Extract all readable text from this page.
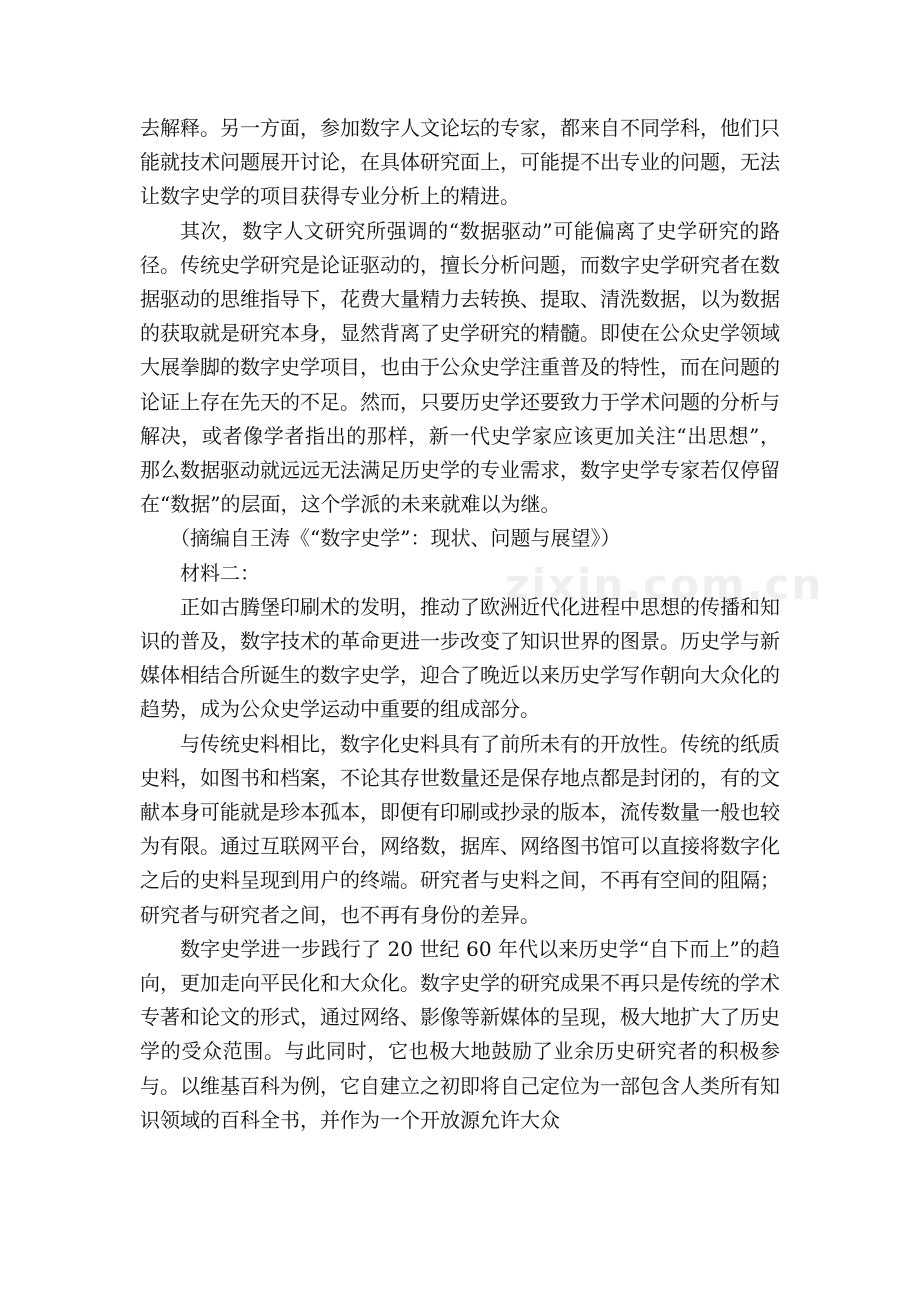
去解释。另一方面，参加数字人文论坛的专家，都来自不同学科，他们只能就技术问题展开讨论，在具体研究面上，可能提不出专业的问题，无法让数字史学的项目获得专业分析上的精进。

其次，数字人文研究所强调的“数据驱动”可能偏离了史学研究的路径。传统史学研究是论证驱动的，擅长分析问题，而数字史学研究者在数据驱动的思维指导下，花费大量精力去转换、提取、清洗数据，以为数据的获取就是研究本身，显然背离了史学研究的精髓。即使在公众史学领域大展拳脚的数字史学项目，也由于公众史学注重普及的特性，而在问题的论证上存在先天的不足。然而，只要历史学还要致力于学术问题的分析与解决，或者像学者指出的那样，新一代史学家应该更加关注“出思想”，那么数据驱动就远远无法满足历史学的专业需求，数字史学专家若仅停留在“数据”的层面，这个学派的未来就难以为继。

（摘编自王涛《“数字史学”：现状、问题与展望》）

材料二：

正如古腾堡印刷术的发明，推动了欧洲近代化进程中思想的传播和知识的普及，数字技术的革命更进一步改变了知识世界的图景。历史学与新媒体相结合所诞生的数字史学，迎合了晚近以来历史学写作朝向大众化的趋势，成为公众史学运动中重要的组成部分。

与传统史料相比，数字化史料具有了前所未有的开放性。传统的纸质史料，如图书和档案，不论其存世数量还是保存地点都是封闭的，有的文献本身可能就是珍本孤本，即便有印刷或抄录的版本，流传数量一般也较为有限。通过互联网平台，网络数，据库、网络图书馆可以直接将数字化之后的史料呈现到用户的终端。研究者与史料之间，不再有空间的阻隔；研究者与研究者之间，也不再有身份的差异。

数字史学进一步践行了 20 世纪 60 年代以来历史学“自下而上”的趋向，更加走向平民化和大众化。数字史学的研究成果不再只是传统的学术专著和论文的形式，通过网络、影像等新媒体的呈现，极大地扩大了历史学的受众范围。与此同时，它也极大地鼓励了业余历史研究者的积极参与。以维基百科为例，它自建立之初即将自己定位为一部包含人类所有知识领域的百科全书，并作为一个开放源允许大众

zixin.com.cn
